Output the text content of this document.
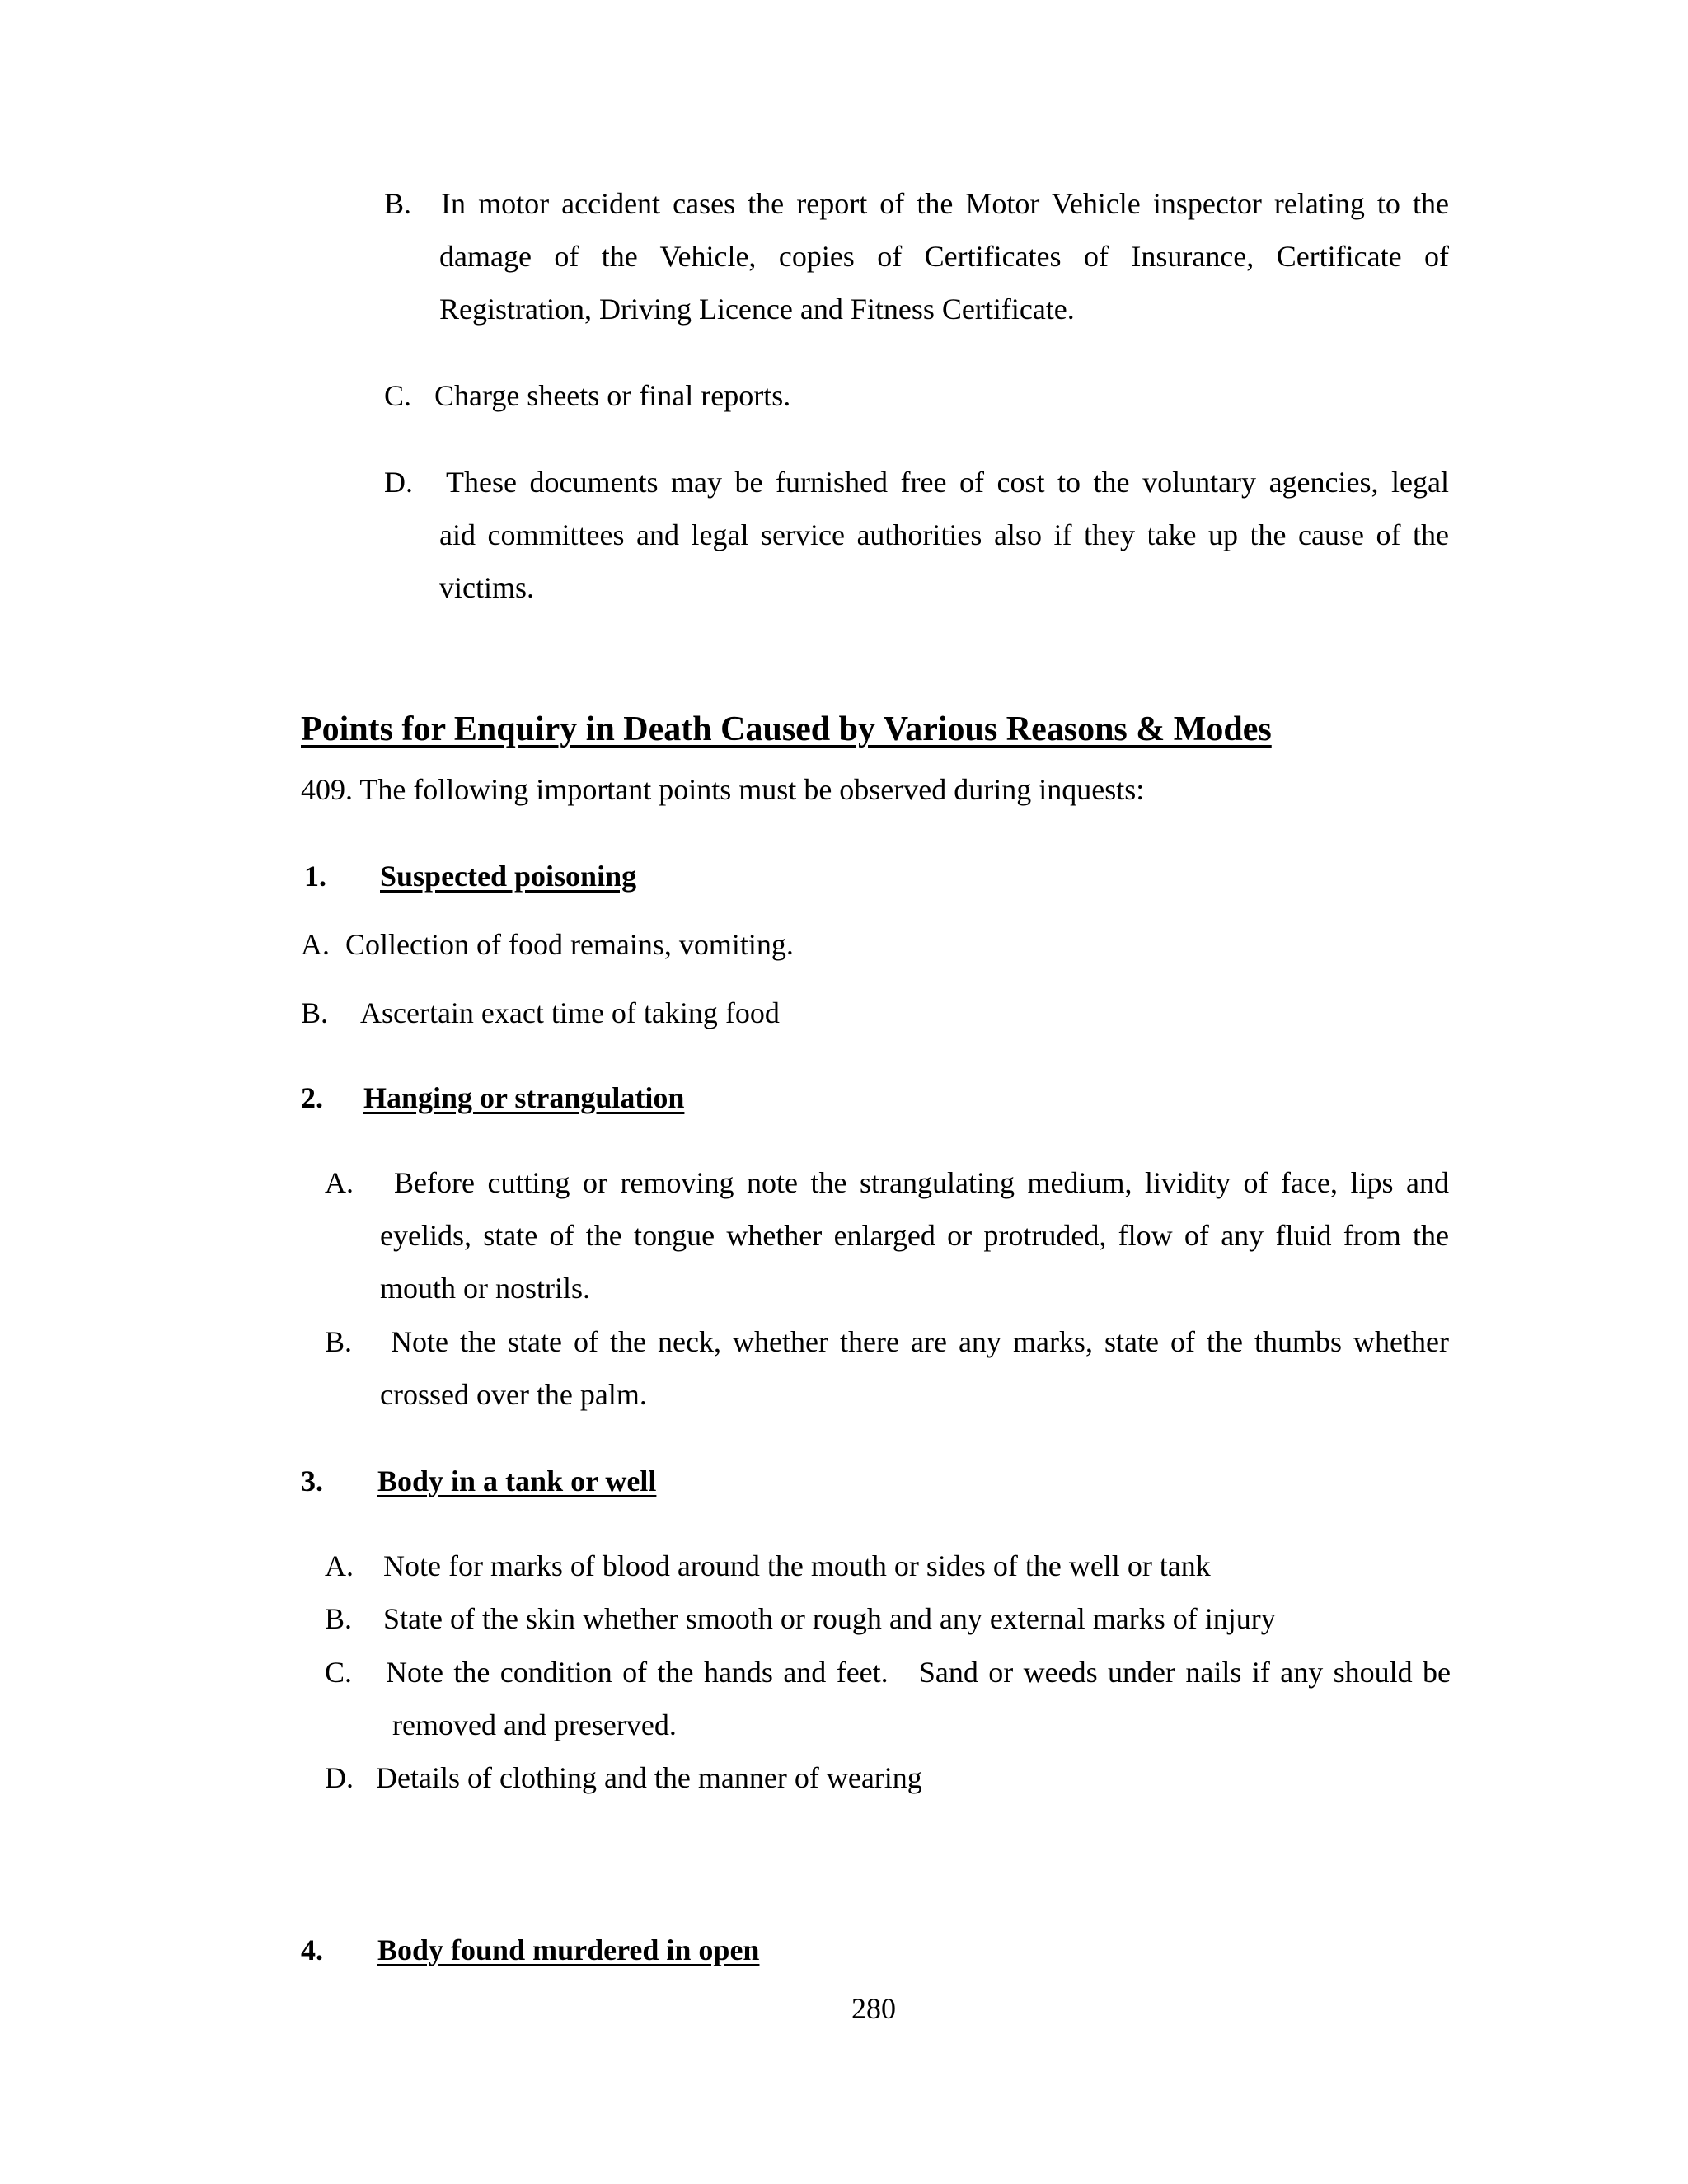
B. In motor accident cases the report of the Motor Vehicle inspector relating to the
damage of the Vehicle, copies of Certificates of Insurance, Certificate of
Registration, Driving Licence and Fitness Certificate.
C. Charge sheets or final reports.
D. These documents may be furnished free of cost to the voluntary agencies, legal
aid committees and legal service authorities also if they take up the cause of the
victims.
Points for Enquiry in Death Caused by Various Reasons & Modes
409. The following important points must be observed during inquests:
1. Suspected poisoning
A. Collection of food remains, vomiting.
B. Ascertain exact time of taking food
2. Hanging or strangulation
A. Before cutting or removing note the strangulating medium, lividity of face, lips and
eyelids, state of the tongue whether enlarged or protruded, flow of any fluid from the
mouth or nostrils.
B. Note the state of the neck, whether there are any marks, state of the thumbs whether
crossed over the palm.
3. Body in a tank or well
A. Note for marks of blood around the mouth or sides of the well or tank
B. State of the skin whether smooth or rough and any external marks of injury
C. Note the condition of the hands and feet.   Sand or weeds under nails if any should be
removed and preserved.
D. Details of clothing and the manner of wearing
4. Body found murdered in open
280
